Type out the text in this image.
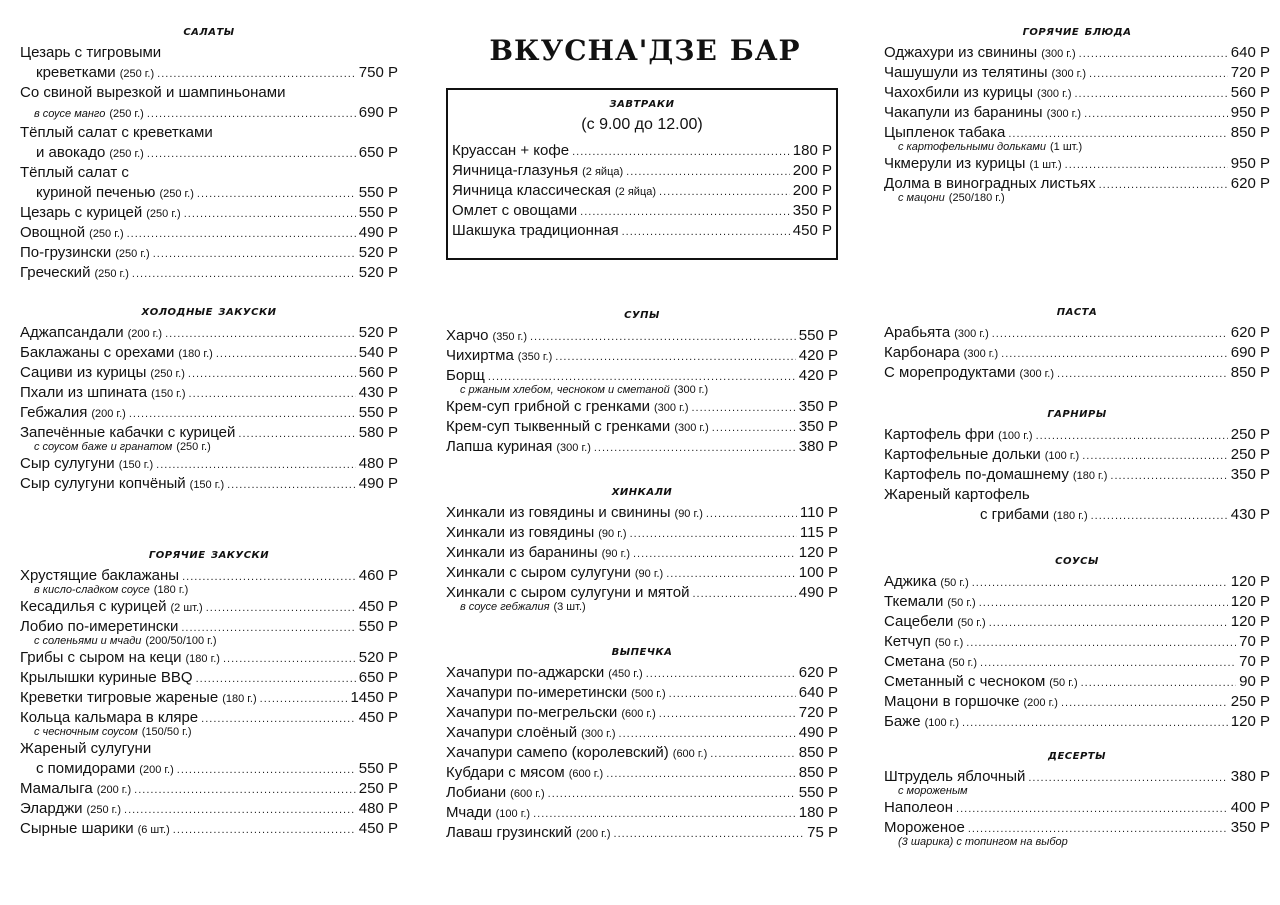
ВКУСНА'ДЗЕ БАР
салаты
Цезарь с тигровыми
креветками (250 г.) .....	750 Р
Со свиной вырезкой и шампиньонами
в соусе манго (250 г.) .....	690 Р
Тёплый салат с креветками
и авокадо (250 г.) .....	650 Р
Тёплый салат с
куриной печенью (250 г.) .....	550 Р
Цезарь с курицей (250 г.) .....	550 Р
Овощной (250 г.) .....	490 Р
По-грузински (250 г.) .....	520 Р
Греческий (250 г.) .....	520 Р
холодные закуски
Аджапсандали (200 г.) .....	520 Р
Баклажаны с орехами (180 г.) .....	540 Р
Сациви из курицы (250 г.) .....	560 Р
Пхали из шпината (150 г.) .....	430 Р
Гебжалия (200 г.) .....	550 Р
Запечённые кабачки с курицей .....	580 Р
с соусом баже и гранатом (250 г.)
Сыр сулугуни (150 г.) .....	480 Р
Сыр сулугуни копчёный (150 г.) .....	490 Р
горячие закуски
Хрустящие баклажаны .....	460 Р
в кисло-сладком соусе (180 г.)
Кесадилья с курицей (2 шт.) .....	450 Р
Лобио по-имеретински .....	550 Р
с соленьями и мчади (200/50/100 г.)
Грибы с сыром на кеци (180 г.) .....	520 Р
Крылышки куриные BBQ .....	650 Р
Креветки тигровые жареные (180 г.) .....	1450 Р
Кольца кальмара в кляре .....	450 Р
с чесночным соусом (150/50 г.)
Жареный сулугуни
с помидорами (200 г.) .....	550 Р
Мамалыга (200 г.) .....	250 Р
Эларджи (250 г.) .....	480 Р
Сырные шарики (6 шт.) .....	450 Р
завтраки
(с 9.00 до 12.00)
Круассан + кофе .....	180 Р
Яичница-глазунья (2 яйца) .....	200 Р
Яичница классическая (2 яйца) .....	200 Р
Омлет с овощами .....	350 Р
Шакшука традиционная .....	450 Р
супы
Харчо (350 г.) .....	550 Р
Чихиртма (350 г.) .....	420 Р
Борщ .....	420 Р
с ржаным хлебом, чесноком и сметаной (300 г.)
Крем-суп грибной с гренками (300 г.) .....	350 Р
Крем-суп тыквенный с гренками (300 г.) .....	350 Р
Лапша куриная (300 г.) .....	380 Р
хинкали
Хинкали из говядины и свинины (90 г.) .....	110 Р
Хинкали из говядины (90 г.) .....	115 Р
Хинкали из баранины (90 г.) .....	120 Р
Хинкали с сыром сулугуни (90 г.) .....	100 Р
Хинкали с сыром сулугуни и мятой .....	490 Р
в соусе гебжалия (3 шт.)
выпечка
Хачапури по-аджарски (450 г.) .....	620 Р
Хачапури по-имеретински (500 г.) .....	640 Р
Хачапури по-мегрельски (600 г.) .....	720 Р
Хачапури слоёный (300 г.) .....	490 Р
Хачапури самепо (королевский) (600 г.) .....	850 Р
Кубдари с мясом (600 г.) .....	850 Р
Лобиани (600 г.) .....	550 Р
Мчади (100 г.) .....	180 Р
Лаваш грузинский (200 г.) .....	75 Р
горячие блюда
Оджахури из свинины (300 г.) .....	640 Р
Чашушули из телятины (300 г.) .....	720 Р
Чахохбили из курицы (300 г.) .....	560 Р
Чакапули из баранины (300 г.) .....	950 Р
Цыпленок табака .....	850 Р
с картофельными дольками (1 шт.)
Чкмерули из курицы (1 шт.) .....	950 Р
Долма в виноградных листьях .....	620 Р
с мацони (250/180 г.)
паста
Арабьята (300 г.) .....	620 Р
Карбонара (300 г.) .....	690 Р
С морепродуктами (300 г.) .....	850 Р
гарниры
Картофель фри (100 г.) .....	250 Р
Картофельные дольки (100 г.) .....	250 Р
Картофель по-домашнему (180 г.) .....	350 Р
Жареный картофель
с грибами (180 г.) .....	430 Р
соусы
Аджика (50 г.) .....	120 Р
Ткемали (50 г.) .....	120 Р
Сацебели (50 г.) .....	120 Р
Кетчуп (50 г.) .....	70 Р
Сметана (50 г.) .....	70 Р
Сметанный с чесноком (50 г.) .....	90 Р
Мацони в горшочке (200 г.) .....	250 Р
Баже (100 г.) .....	120 Р
десерты
Штрудель яблочный .....	380 Р
с мороженым
Наполеон .....	400 Р
Мороженое .....	350 Р
(3 шарика) с топингом на выбор
